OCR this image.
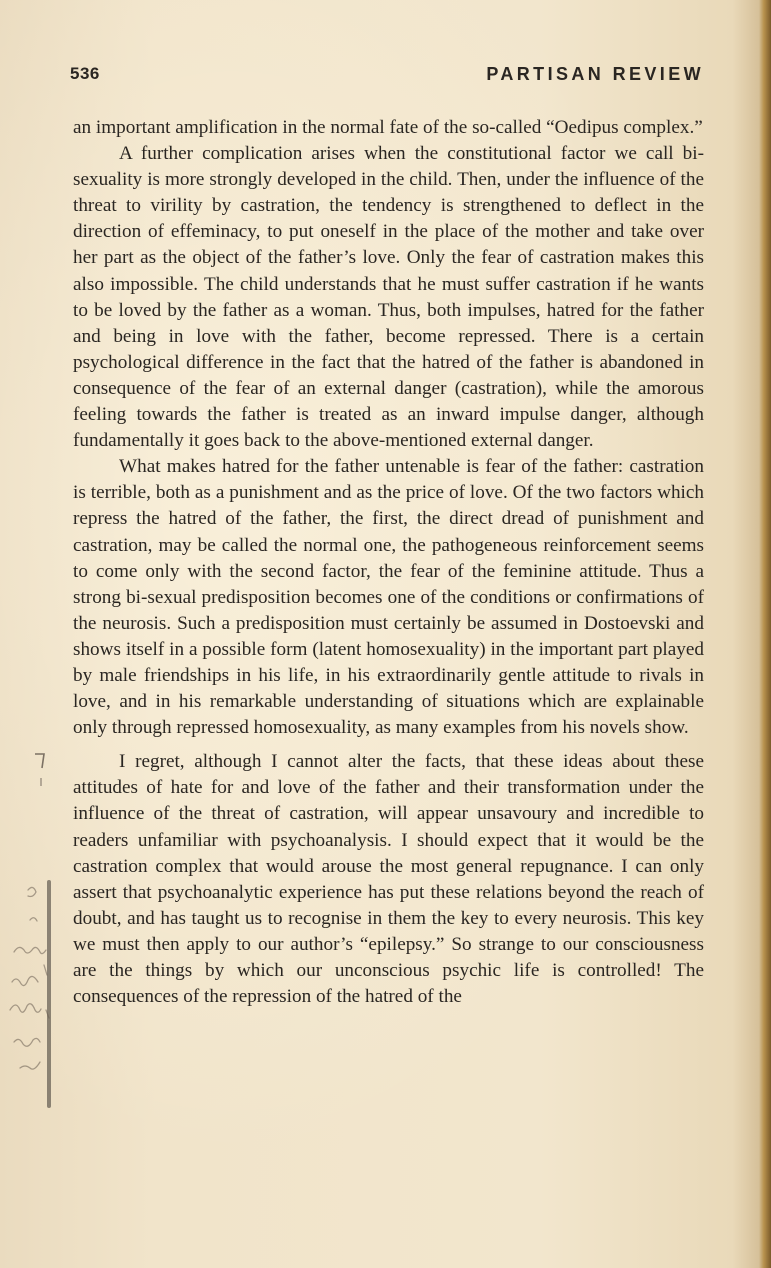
536	PARTISAN REVIEW

an important amplification in the normal fate of the so-called “Oedipus complex.”

A further complication arises when the constitutional factor we call bi-sexuality is more strongly developed in the child. Then, under the influence of the threat to virility by castration, the tendency is strengthened to deflect in the direction of effeminacy, to put oneself in the place of the mother and take over her part as the object of the father’s love. Only the fear of castration makes this also impossible. The child understands that he must suffer castration if he wants to be loved by the father as a woman. Thus, both impulses, hatred for the father and being in love with the father, become repressed. There is a certain psychological difference in the fact that the hatred of the father is abandoned in consequence of the fear of an external danger (castration), while the amorous feeling towards the father is treated as an inward impulse danger, although fundamentally it goes back to the above-mentioned external danger.

What makes hatred for the father untenable is fear of the father: castration is terrible, both as a punishment and as the price of love. Of the two factors which repress the hatred of the father, the first, the direct dread of punishment and castration, may be called the normal one, the pathogeneous reinforcement seems to come only with the second factor, the fear of the feminine attitude. Thus a strong bi-sexual predisposition becomes one of the conditions or confirmations of the neurosis. Such a predisposition must certainly be assumed in Dostoevski and shows itself in a possible form (latent homosexuality) in the important part played by male friendships in his life, in his extraordinarily gentle attitude to rivals in love, and in his remarkable understanding of situations which are explainable only through repressed homosexuality, as many examples from his novels show.

I regret, although I cannot alter the facts, that these ideas about these attitudes of hate for and love of the father and their transformation under the influence of the threat of castration, will appear unsavoury and incredible to readers unfamiliar with psychoanalysis. I should expect that it would be the castration complex that would arouse the most general repugnance. I can only assert that psychoanalytic experience has put these relations beyond the reach of doubt, and has taught us to recognise in them the key to every neurosis. This key we must then apply to our author’s “epilepsy.” So strange to our consciousness are the things by which our unconscious psychic life is controlled! The consequences of the repression of the hatred of the
